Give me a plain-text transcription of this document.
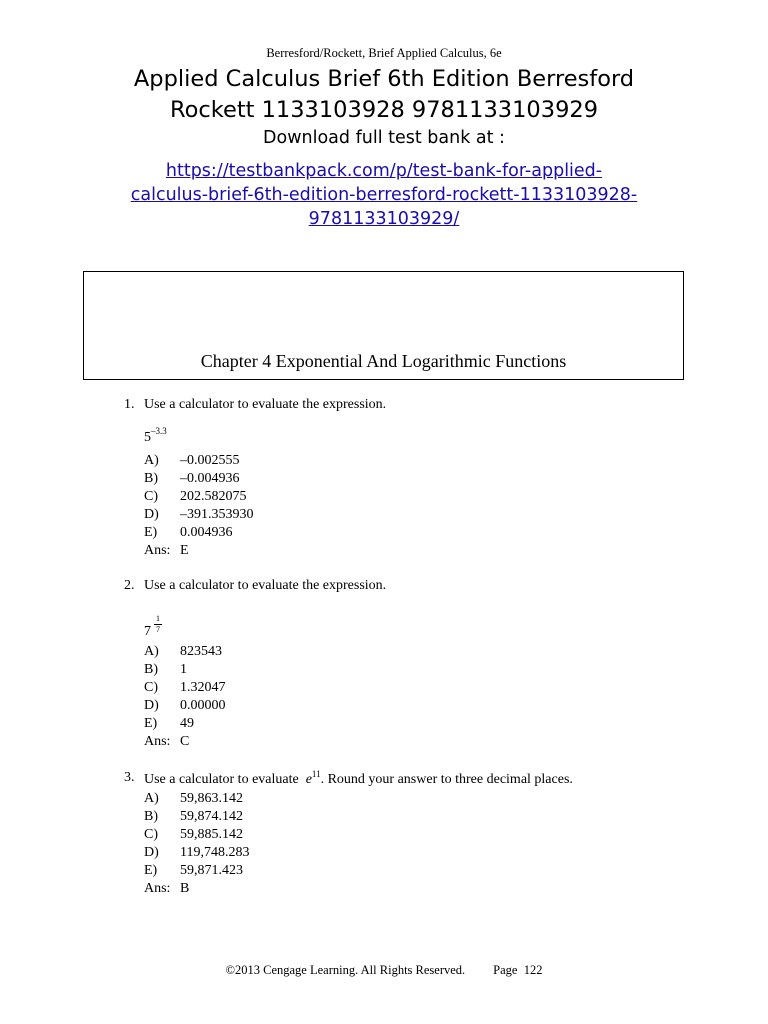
Berresford/Rockett, Brief Applied Calculus, 6e
Applied Calculus Brief 6th Edition Berresford
Rockett 1133103928 9781133103929
Download full test bank at :
https://testbankpack.com/p/test-bank-for-applied-
calculus-brief-6th-edition-berresford-rockett-1133103928-
9781133103929/
Chapter 4 Exponential And Logarithmic Functions
1. Use a calculator to evaluate the expression.
$5^{-3.3}$
A) –0.002555
B) –0.004936
C) 202.582075
D) –391.353930
E) 0.004936
Ans: E
2. Use a calculator to evaluate the expression.
7
1
7
A) 823543
B) 1
C) 1.32047
D) 0.00000
E) 49
Ans: C
3. Use a calculator to evaluate $e^{11}$. Round your answer to three decimal places.
A) 59,863.142
B) 59,874.142
C) 59,885.142
D) 119,748.283
E) 59,871.423
Ans: B
©2013 Cengage Learning. All Rights Reserved. Page 122
